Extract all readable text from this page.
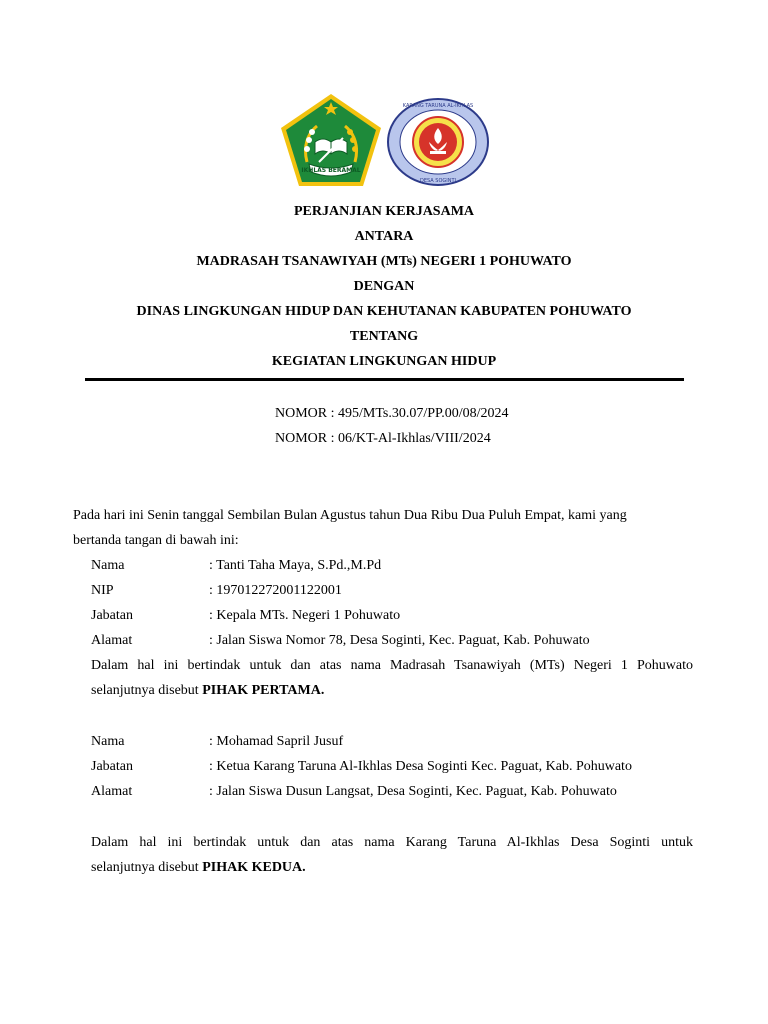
IKHLAS BERAMAL
KARANG TARUNA AL-IKHLAS
DESA SOGINTI
PERJANJIAN KERJASAMA
ANTARA
MADRASAH TSANAWIYAH (MTs) NEGERI 1 POHUWATO
DENGAN
DINAS LINGKUNGAN HIDUP DAN KEHUTANAN KABUPATEN POHUWATO
TENTANG
KEGIATAN LINGKUNGAN HIDUP
NOMOR : 495/MTs.30.07/PP.00/08/2024
NOMOR : 06/KT-Al-Ikhlas/VIII/2024
Pada hari ini Senin tanggal Sembilan Bulan Agustus tahun Dua Ribu Dua Puluh Empat, kami yang
bertanda tangan di bawah ini:
Nama	: Tanti Taha Maya, S.Pd.,M.Pd
NIP	: 197012272001122001
Jabatan	: Kepala MTs. Negeri 1 Pohuwato
Alamat	: Jalan Siswa Nomor 78, Desa Soginti, Kec. Paguat, Kab. Pohuwato
Dalam hal ini bertindak untuk dan atas nama Madrasah Tsanawiyah (MTs) Negeri 1 Pohuwato
selanjutnya disebut PIHAK PERTAMA.
Nama	: Mohamad Sapril Jusuf
Jabatan	: Ketua Karang Taruna Al-Ikhlas Desa Soginti Kec. Paguat, Kab. Pohuwato
Alamat	: Jalan Siswa Dusun Langsat, Desa Soginti, Kec. Paguat, Kab. Pohuwato
Dalam hal ini bertindak untuk dan atas nama Karang Taruna Al-Ikhlas Desa Soginti untuk
selanjutnya disebut PIHAK KEDUA.
